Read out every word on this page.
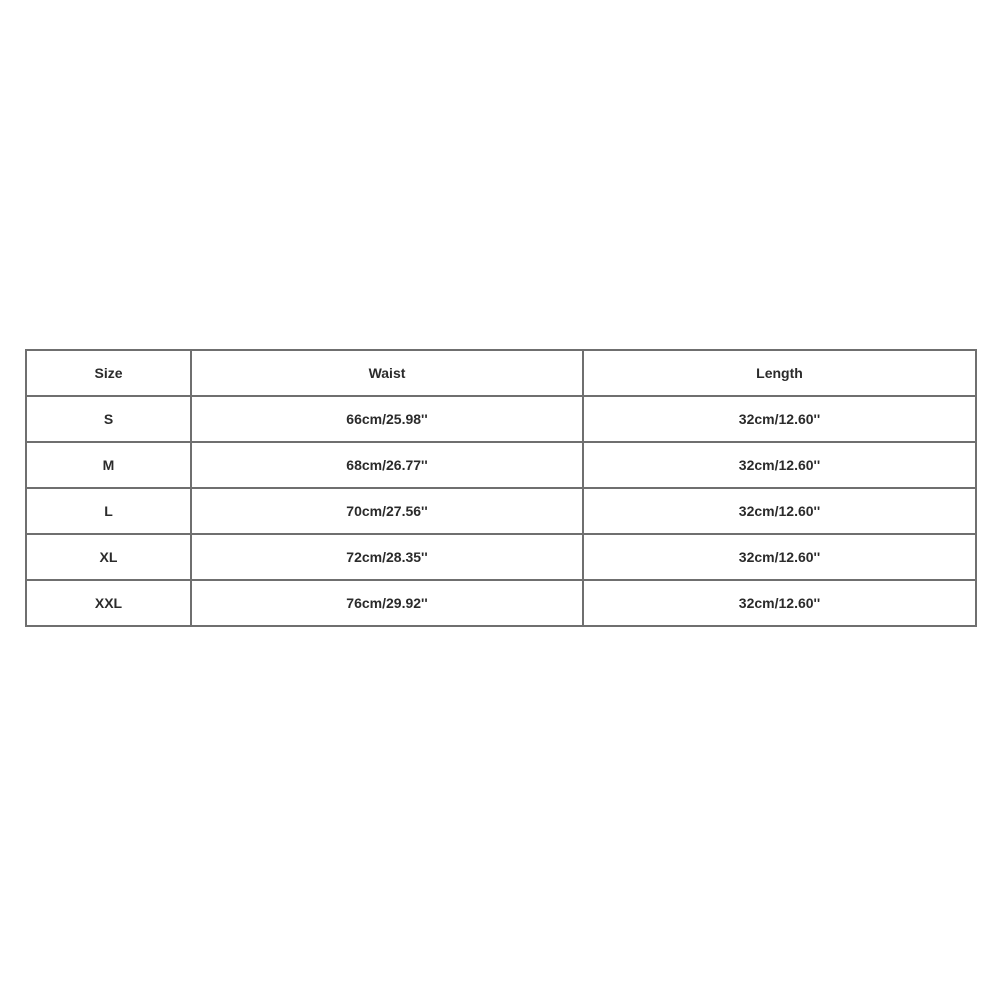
Size	Waist	Length
S	66cm/25.98''	32cm/12.60''
M	68cm/26.77''	32cm/12.60''
L	70cm/27.56''	32cm/12.60''
XL	72cm/28.35''	32cm/12.60''
XXL	76cm/29.92''	32cm/12.60''
